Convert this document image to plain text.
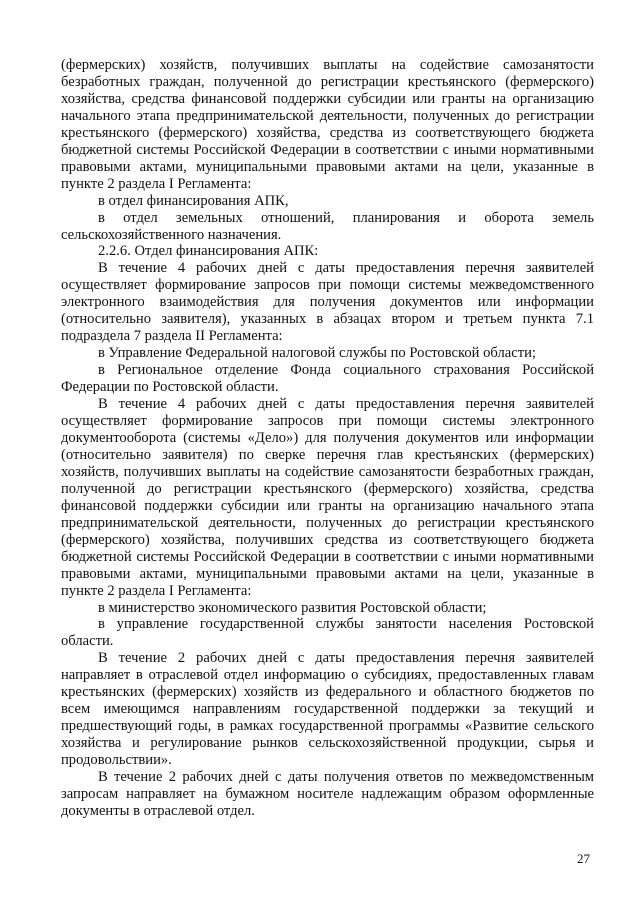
(фермерских) хозяйств, получивших выплаты на содействие самозанятости безработных граждан, полученной до регистрации крестьянского (фермерского) хозяйства, средства финансовой поддержки субсидии или гранты на организацию начального этапа предпринимательской деятельности, полученных до регистрации крестьянского (фермерского) хозяйства, средства из соответствующего бюджета бюджетной системы Российской Федерации в соответствии с иными нормативными правовыми актами, муниципальными правовыми актами на цели, указанные в пункте 2 раздела I Регламента:

в отдел финансирования АПК,

в отдел земельных отношений, планирования и оборота земель сельскохозяйственного назначения.

2.2.6. Отдел финансирования АПК:

В течение 4 рабочих дней с даты предоставления перечня заявителей осуществляет формирование запросов при помощи системы межведомственного электронного взаимодействия для получения документов или информации (относительно заявителя), указанных в абзацах втором и третьем пункта 7.1 подраздела 7 раздела II Регламента:

в Управление Федеральной налоговой службы по Ростовской области;

в Региональное отделение Фонда социального страхования Российской Федерации по Ростовской области.

В течение 4 рабочих дней с даты предоставления перечня заявителей осуществляет формирование запросов при помощи системы электронного документооборота (системы «Дело») для получения документов или информации (относительно заявителя) по сверке перечня глав крестьянских (фермерских) хозяйств, получивших выплаты на содействие самозанятости безработных граждан, полученной до регистрации крестьянского (фермерского) хозяйства, средства финансовой поддержки субсидии или гранты на организацию начального этапа предпринимательской деятельности, полученных до регистрации крестьянского (фермерского) хозяйства, получивших средства из соответствующего бюджета бюджетной системы Российской Федерации в соответствии с иными нормативными правовыми актами, муниципальными правовыми актами на цели, указанные в пункте 2 раздела I Регламента:

в министерство экономического развития Ростовской области;

в управление государственной службы занятости населения Ростовской области.

В течение 2 рабочих дней с даты предоставления перечня заявителей направляет в отраслевой отдел информацию о субсидиях, предоставленных главам крестьянских (фермерских) хозяйств из федерального и областного бюджетов по всем имеющимся направлениям государственной поддержки за текущий и предшествующий годы, в рамках государственной программы «Развитие сельского хозяйства и регулирование рынков сельскохозяйственной продукции, сырья и продовольствии».

В течение 2 рабочих дней с даты получения ответов по межведомственным запросам направляет на бумажном носителе надлежащим образом оформленные документы в отраслевой отдел.

27
